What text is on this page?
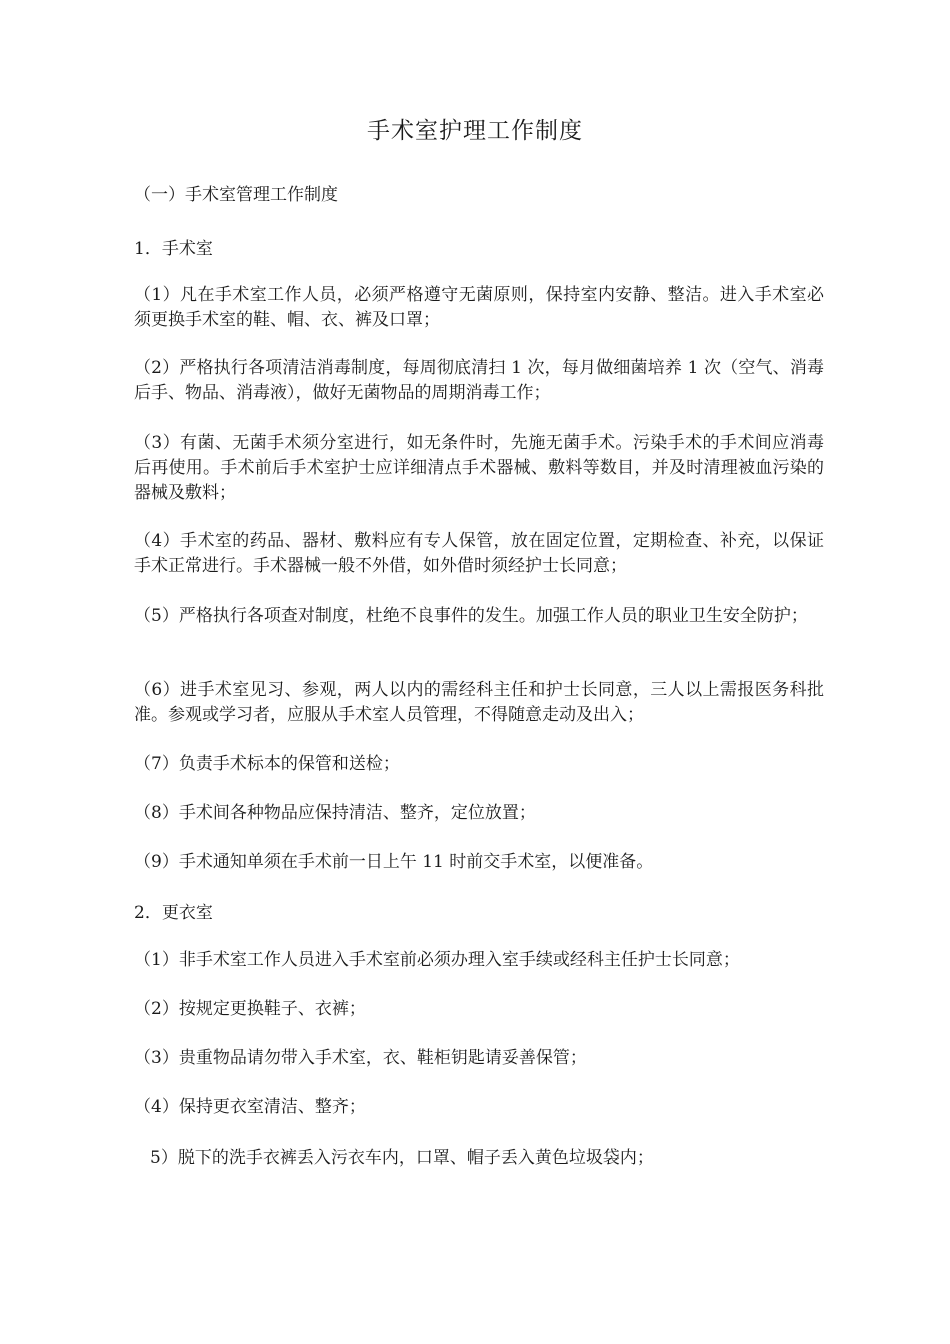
手术室护理工作制度
（一）手术室管理工作制度
1．手术室
（1）凡在手术室工作人员，必须严格遵守无菌原则，保持室内安静、整洁。进入手术室必须更换手术室的鞋、帽、衣、裤及口罩；
（2）严格执行各项清洁消毒制度，每周彻底清扫 1 次，每月做细菌培养 1 次（空气、消毒后手、物品、消毒液），做好无菌物品的周期消毒工作；
（3）有菌、无菌手术须分室进行，如无条件时，先施无菌手术。污染手术的手术间应消毒后再使用。手术前后手术室护士应详细清点手术器械、敷料等数目，并及时清理被血污染的器械及敷料；
（4）手术室的药品、器材、敷料应有专人保管，放在固定位置，定期检查、补充，以保证手术正常进行。手术器械一般不外借，如外借时须经护士长同意；
（5）严格执行各项查对制度，杜绝不良事件的发生。加强工作人员的职业卫生安全防护；
（6）进手术室见习、参观，两人以内的需经科主任和护士长同意，三人以上需报医务科批准。参观或学习者，应服从手术室人员管理，不得随意走动及出入；
（7）负责手术标本的保管和送检；
（8）手术间各种物品应保持清洁、整齐，定位放置；
（9）手术通知单须在手术前一日上午 11 时前交手术室，以便准备。
2．更衣室
（1）非手术室工作人员进入手术室前必须办理入室手续或经科主任护士长同意；
（2）按规定更换鞋子、衣裤；
（3）贵重物品请勿带入手术室，衣、鞋柜钥匙请妥善保管；
（4）保持更衣室清洁、整齐；
5）脱下的洗手衣裤丢入污衣车内，口罩、帽子丢入黄色垃圾袋内；
